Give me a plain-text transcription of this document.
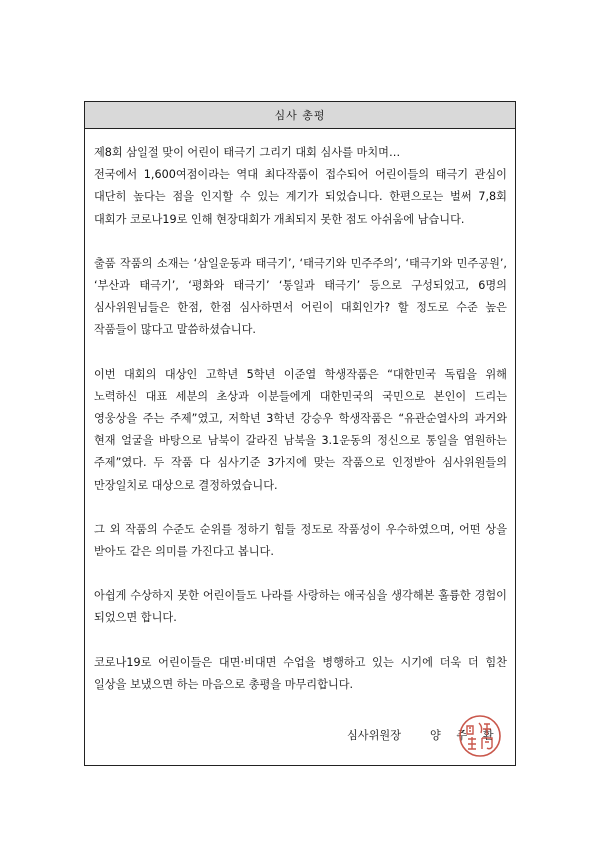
심사 총평

제8회 삼일절 맞이 어린이 태극기 그리기 대회 심사를 마치며…

전국에서 1,600여점이라는 역대 최다작품이 접수되어 어린이들의 태극기 관심이 대단히 높다는 점을 인지할 수 있는 계기가 되었습니다. 한편으로는 벌써 7,8회 대회가 코로나19로 인해 현장대회가 개최되지 못한 점도 아쉬움에 남습니다.

출품 작품의 소재는 ‘삼일운동과 태극기’, ‘태극기와 민주주의’, ‘태극기와 민주공원’, ‘부산과 태극기’, ‘평화와 태극기’ ‘통일과 태극기’ 등으로 구성되었고, 6명의 심사위원님들은 한점, 한점 심사하면서 어린이 대회인가? 할 정도로 수준 높은 작품들이 많다고 말씀하셨습니다.

이번 대회의 대상인 고학년 5학년 이준열 학생작품은 “대한민국 독립을 위해 노력하신 대표 세분의 초상과 이분들에게 대한민국의 국민으로 본인이 드리는 영웅상을 주는 주제”였고, 저학년 3학년 강승우 학생작품은 “유관순열사의 과거와 현재 얼굴을 바탕으로 남북이 갈라진 남북을 3.1운동의 정신으로 통일을 염원하는 주제”였다. 두 작품 다 심사기준 3가지에 맞는 작품으로 인정받아 심사위원들의 만장일치로 대상으로 결정하였습니다.

그 외 작품의 수준도 순위를 정하기 힘들 정도로 작품성이 우수하였으며, 어떤 상을 받아도 같은 의미를 가진다고 봅니다.

아쉽게 수상하지 못한 어린이들도 나라를 사랑하는 애국심을 생각해본 훌륭한 경험이 되었으면 합니다.

코로나19로 어린이들은 대면·비대면 수업을 병행하고 있는 시기에 더욱 더 힘찬 일상을 보냈으면 하는 마음으로 총평을 마무리합니다.

심사위원장	양 주 환
